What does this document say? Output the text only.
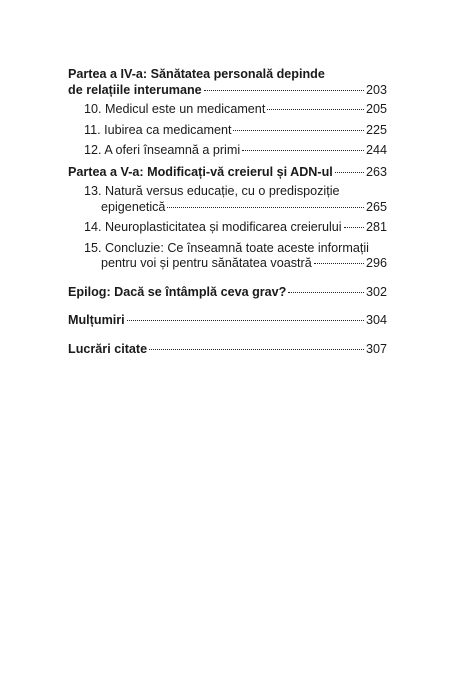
Partea a IV-a: Sănătatea personală depinde
de relațiile interumane	203
10. Medicul este un medicament	205
11. Iubirea ca medicament	225
12. A oferi înseamnă a primi	244
Partea a V-a: Modificați-vă creierul și ADN-ul	263
13. Natură versus educație, cu o predispoziție
epigenetică	265
14. Neuroplasticitatea și modificarea creierului 281
15. Concluzie: Ce înseamnă toate aceste informații
pentru voi și pentru sănătatea voastră	296
Epilog: Dacă se întâmplă ceva grav?	302
Mulțumiri	304
Lucrări citate	307
